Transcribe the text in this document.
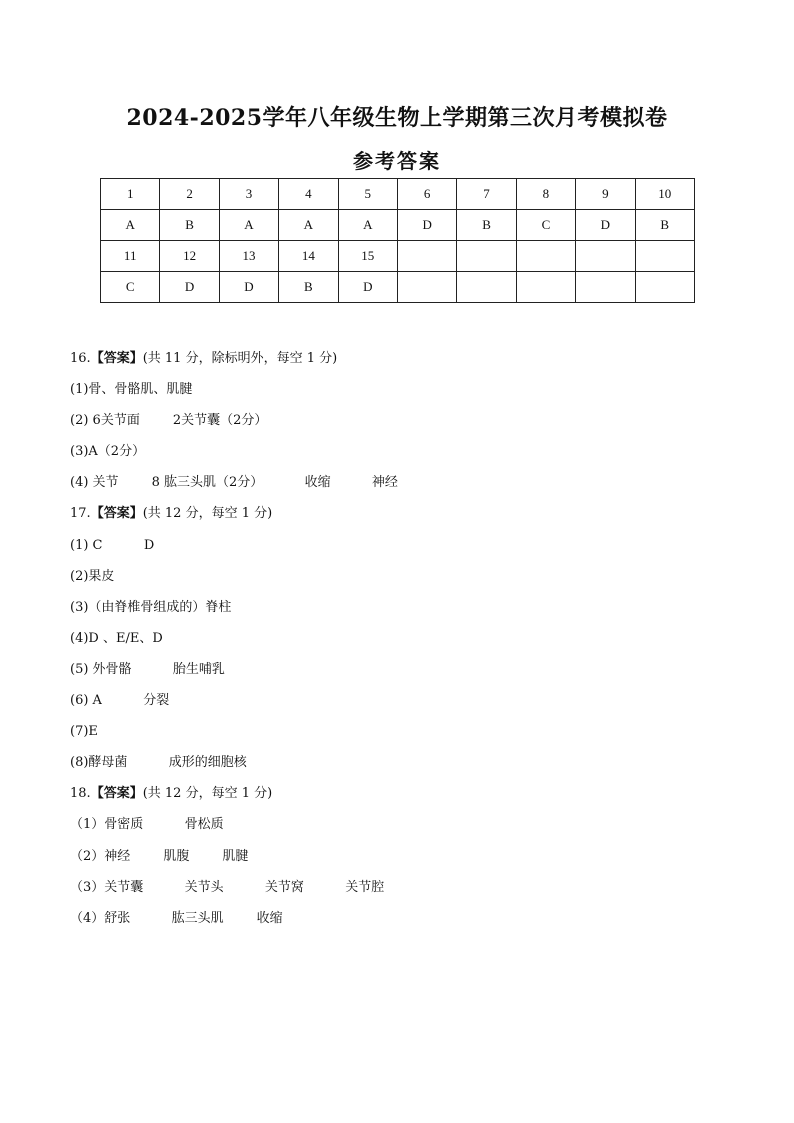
2024-2025学年八年级生物上学期第三次月考模拟卷
参考答案
1	2	3	4	5	6	7	8	9	10
A	B	A	A	A	D	B	C	D	B
11	12	13	14	15					
C	D	D	B	D					
16.【答案】(共 11 分，除标明外，每空 1 分)
(1)骨、骨骼肌、肌腱
(2) 6关节面        2关节囊（2分）
(3)A（2分）
(4) 关节        8 肱三头肌（2分）          收缩          神经
17.【答案】(共 12 分，每空 1 分)
(1) C          D
(2)果皮
(3)（由脊椎骨组成的）脊柱
(4)D 、E/E、D
(5) 外骨骼          胎生哺乳
(6) A          分裂
(7)E
(8)酵母菌          成形的细胞核
18.【答案】(共 12 分，每空 1 分)
（1）骨密质          骨松质
（2）神经        肌腹        肌腱
（3）关节囊          关节头          关节窝          关节腔
（4）舒张          肱三头肌        收缩
